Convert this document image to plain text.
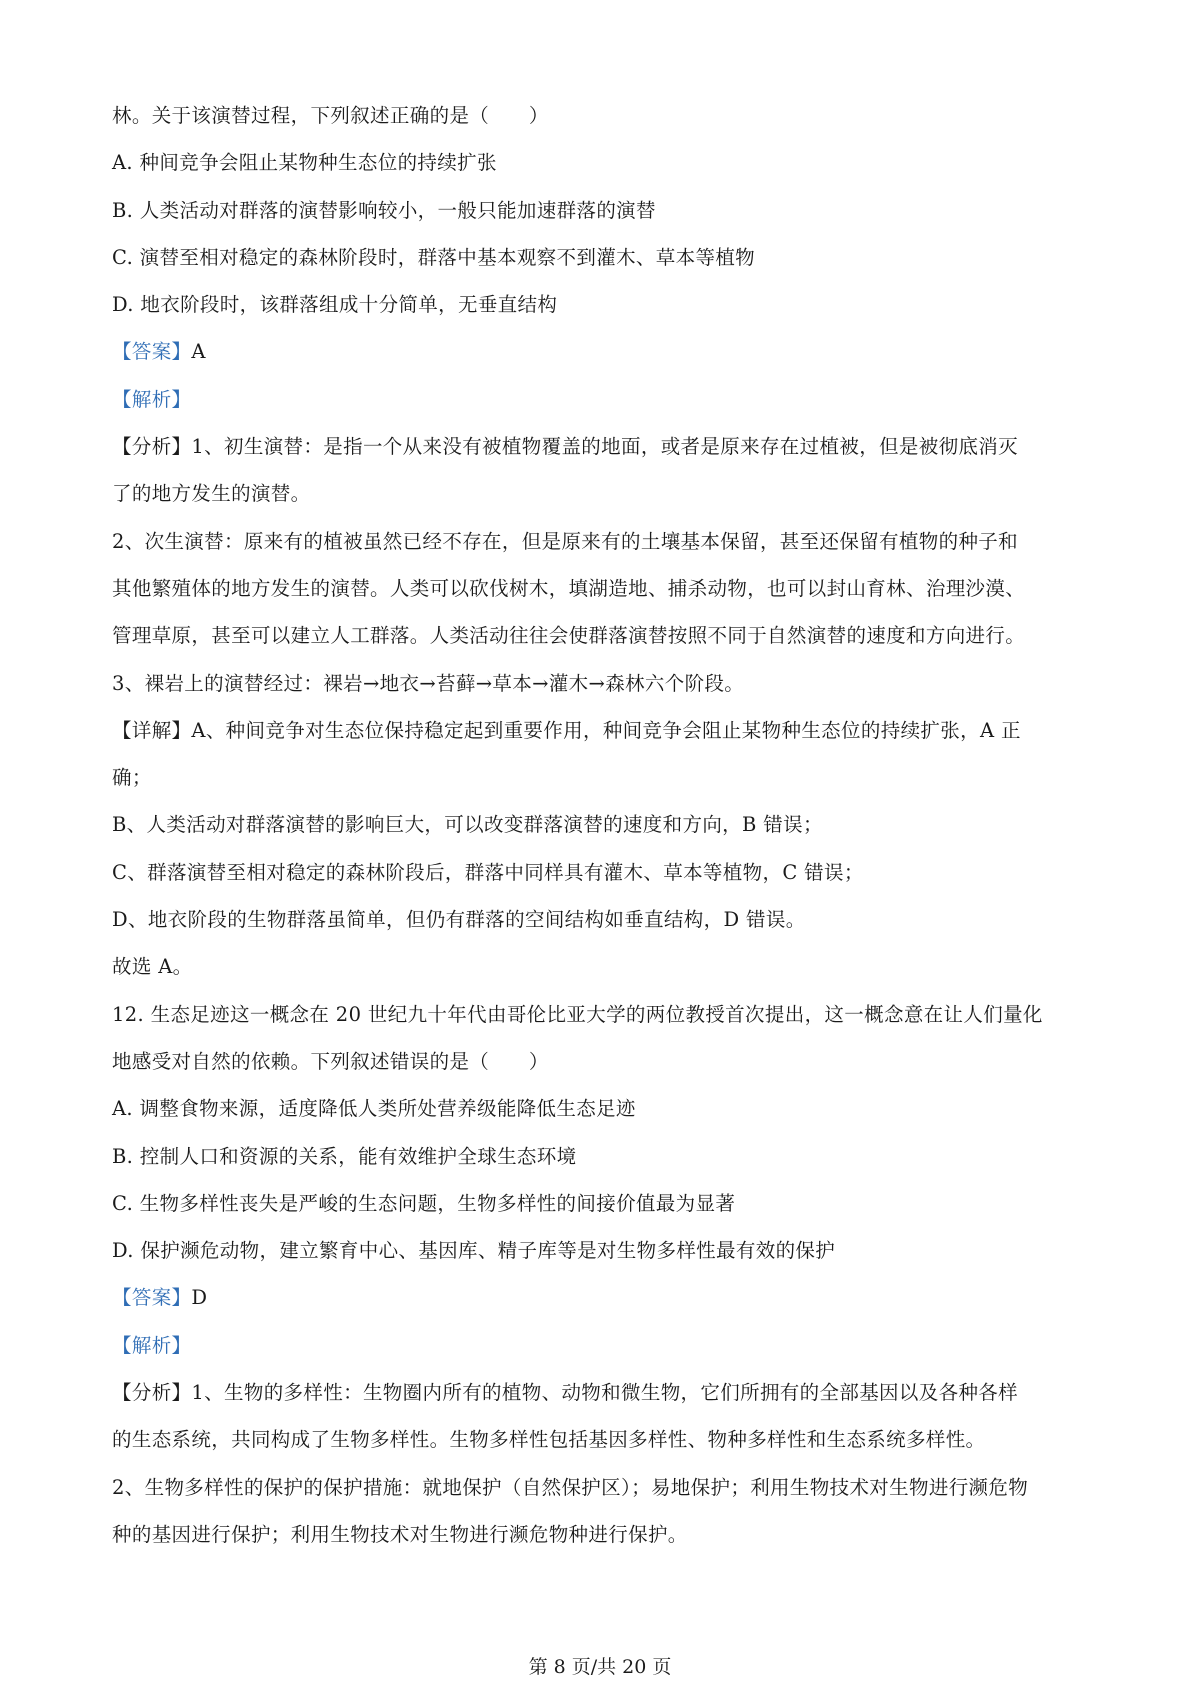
林。关于该演替过程，下列叙述正确的是（　　）
A. 种间竞争会阻止某物种生态位的持续扩张
B. 人类活动对群落的演替影响较小，一般只能加速群落的演替
C. 演替至相对稳定的森林阶段时，群落中基本观察不到灌木、草本等植物
D. 地衣阶段时，该群落组成十分简单，无垂直结构
【答案】A
【解析】
【分析】1、初生演替：是指一个从来没有被植物覆盖的地面，或者是原来存在过植被，但是被彻底消灭
了的地方发生的演替。
2、次生演替：原来有的植被虽然已经不存在，但是原来有的土壤基本保留，甚至还保留有植物的种子和
其他繁殖体的地方发生的演替。人类可以砍伐树木，填湖造地、捕杀动物，也可以封山育林、治理沙漠、
管理草原，甚至可以建立人工群落。人类活动往往会使群落演替按照不同于自然演替的速度和方向进行。
3、裸岩上的演替经过：裸岩→地衣→苔藓→草本→灌木→森林六个阶段。
【详解】A、种间竞争对生态位保持稳定起到重要作用，种间竞争会阻止某物种生态位的持续扩张，A 正
确；
B、人类活动对群落演替的影响巨大，可以改变群落演替的速度和方向，B 错误；
C、群落演替至相对稳定的森林阶段后，群落中同样具有灌木、草本等植物，C 错误；
D、地衣阶段的生物群落虽简单，但仍有群落的空间结构如垂直结构，D 错误。
故选 A。
12. 生态足迹这一概念在 20 世纪九十年代由哥伦比亚大学的两位教授首次提出，这一概念意在让人们量化
地感受对自然的依赖。下列叙述错误的是（　　）
A. 调整食物来源，适度降低人类所处营养级能降低生态足迹
B. 控制人口和资源的关系，能有效维护全球生态环境
C. 生物多样性丧失是严峻的生态问题，生物多样性的间接价值最为显著
D. 保护濒危动物，建立繁育中心、基因库、精子库等是对生物多样性最有效的保护
【答案】D
【解析】
【分析】1、生物的多样性：生物圈内所有的植物、动物和微生物，它们所拥有的全部基因以及各种各样
的生态系统，共同构成了生物多样性。生物多样性包括基因多样性、物种多样性和生态系统多样性。
2、生物多样性的保护的保护措施：就地保护（自然保护区）；易地保护；利用生物技术对生物进行濒危物
种的基因进行保护；利用生物技术对生物进行濒危物种进行保护。
第 8 页/共 20 页
